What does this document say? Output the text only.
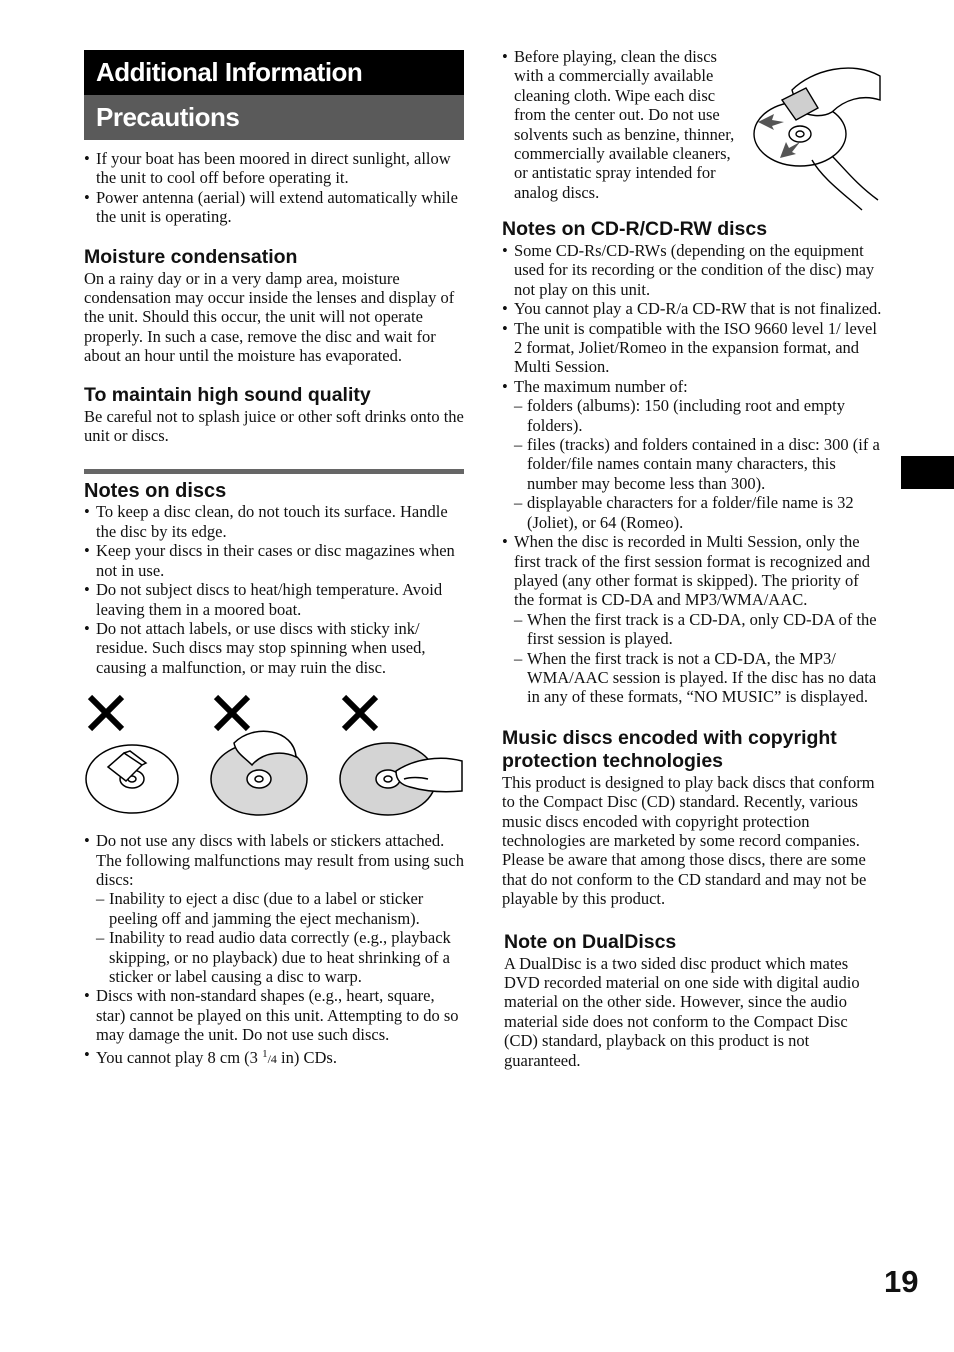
Additional Information
Precautions
• If your boat has been moored in direct sunlight, allow the unit to cool off before operating it.
• Power antenna (aerial) will extend automatically while the unit is operating.
Moisture condensation

On a rainy day or in a very damp area, moisture condensation may occur inside the lenses and display of the unit. Should this occur, the unit will not operate properly. In such a case, remove the disc and wait for about an hour until the moisture has evaporated.

To maintain high sound quality

Be careful not to splash juice or other soft drinks onto the unit or discs.

Notes on discs
• To keep a disc clean, do not touch its surface. Handle the disc by its edge.
• Keep your discs in their cases or disc magazines when not in use.
• Do not subject discs to heat/high temperature. Avoid leaving them in a moored boat.
• Do not attach labels, or use discs with sticky ink/ residue. Such discs may stop spinning when used, causing a malfunction, or may ruin the disc.
• Do not use any discs with labels or stickers attached.
The following malfunctions may result from using such discs:
– Inability to eject a disc (due to a label or sticker peeling off and jamming the eject mechanism).
– Inability to read audio data correctly (e.g., playback skipping, or no playback) due to heat shrinking of a sticker or label causing a disc to warp.
• Discs with non-standard shapes (e.g., heart, square, star) cannot be played on this unit. Attempting to do so may damage the unit. Do not use such discs.
• You cannot play 8 cm (3 $^1$/4 in) CDs.
• Before playing, clean the discs with a commercially available cleaning cloth. Wipe each disc from the center out. Do not use solvents such as benzine, thinner, commercially available cleaners, or antistatic spray intended for analog discs.
Notes on CD-R/CD-RW discs
• Some CD-Rs/CD-RWs (depending on the equipment used for its recording or the condition of the disc) may not play on this unit.
• You cannot play a CD-R/a CD-RW that is not finalized.
• The unit is compatible with the ISO 9660 level 1/ level 2 format, Joliet/Romeo in the expansion format, and Multi Session.
• The maximum number of:
– folders (albums): 150 (including root and empty folders).
– files (tracks) and folders contained in a disc: 300 (if a folder/file names contain many characters, this number may become less than 300).
– displayable characters for a folder/file name is 32 (Joliet), or 64 (Romeo).
• When the disc is recorded in Multi Session, only the first track of the first session format is recognized and played (any other format is skipped). The priority of the format is CD-DA and MP3/WMA/AAC.
– When the first track is a CD-DA, only CD-DA of the first session is played.
– When the first track is not a CD-DA, the MP3/ WMA/AAC session is played. If the disc has no data in any of these formats, “NO MUSIC” is displayed.
Music discs encoded with copyright protection technologies

This product is designed to play back discs that conform to the Compact Disc (CD) standard. Recently, various music discs encoded with copyright protection technologies are marketed by some record companies. Please be aware that among those discs, there are some that do not conform to the CD standard and may not be playable by this product.

Note on DualDiscs

A DualDisc is a two sided disc product which mates DVD recorded material on one side with digital audio material on the other side. However, since the audio material side does not conform to the Compact Disc (CD) standard, playback on this product is not guaranteed.

19
